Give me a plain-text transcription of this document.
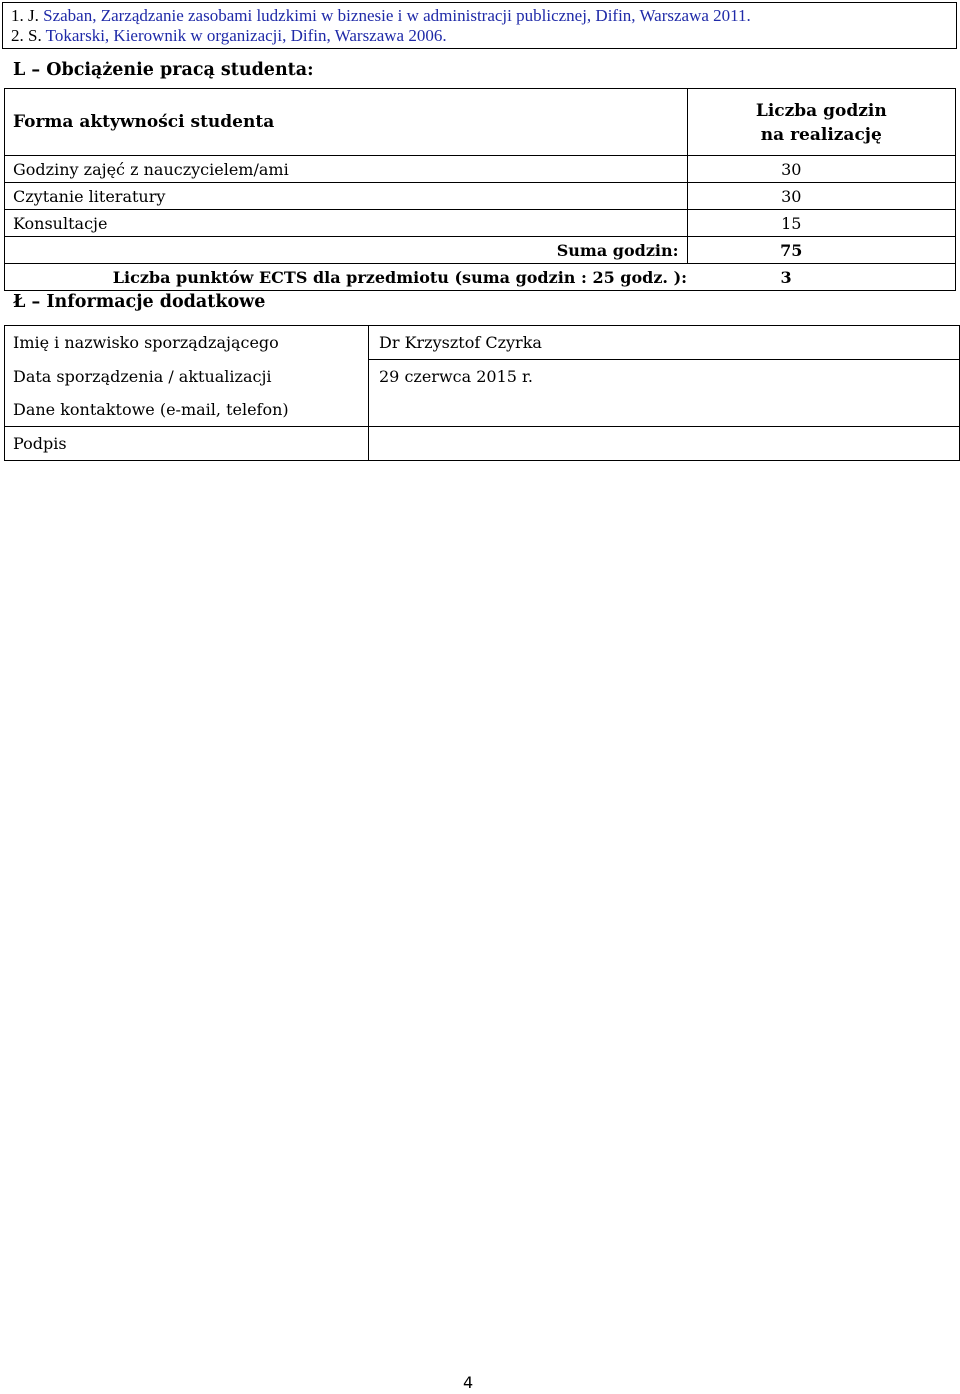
1. J. Szaban, Zarządzanie zasobami ludzkimi w biznesie i w administracji publicznej, Difin, Warszawa 2011.
2. S. Tokarski, Kierownik w organizacji, Difin, Warszawa 2006.
L – Obciążenie pracą studenta:
Forma aktywności studenta	Liczba godzin
na realizację

Godziny zajęć z nauczycielem/ami	30
Czytanie literatury	30
Konsultacje	15
Suma godzin:	75
Liczba punktów ECTS dla przedmiotu (suma godzin : 25 godz. ):	3
Ł – Informacje dodatkowe
Imię i nazwisko sporządzającego	Dr Krzysztof Czyrka
Data sporządzenia / aktualizacji	29 czerwca 2015 r.
Dane kontaktowe (e-mail, telefon)	
Podpis	
4
